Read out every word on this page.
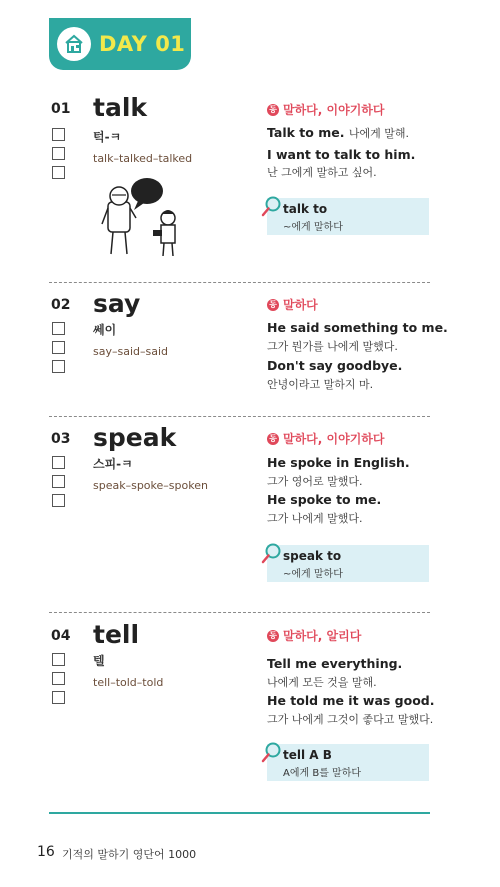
DAY 01
01 talk
턱-ㅋ
talk–talked–talked
동 말하다, 이야기하다
Talk to me. 나에게 말해.
I want to talk to him.
난 그에게 말하고 싶어.
talk to
~에게 말하다
02 say
쎄이
say–said–said
동 말하다
He said something to me.
그가 뭔가를 나에게 말했다.
Don't say goodbye.
안녕이라고 말하지 마.
03 speak
스피-ㅋ
speak–spoke–spoken
동 말하다, 이야기하다
He spoke in English.
그가 영어로 말했다.
He spoke to me.
그가 나에게 말했다.
speak to
~에게 말하다
04 tell
텔
tell–told–told
동 말하다, 알리다
Tell me everything.
나에게 모든 것을 말해.
He told me it was good.
그가 나에게 그것이 좋다고 말했다.
tell A B
A에게 B를 말하다
16 기적의 말하기 영단어 1000
